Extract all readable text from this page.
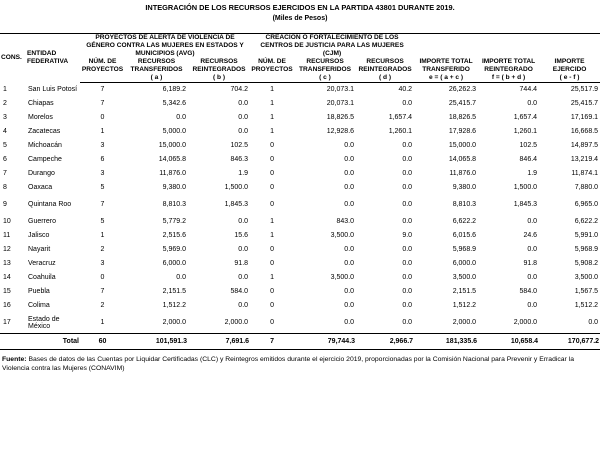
INTEGRACIÓN DE LOS RECURSOS EJERCIDOS EN LA PARTIDA 43801 DURANTE 2019.
(Miles de Pesos)
CONS.	ENTIDAD FEDERATIVA	PROYECTOS DE ALERTA DE VIOLENCIA DE GÉNERO CONTRA LAS MUJERES EN ESTADOS Y MUNICIPIOS (AVG)			CREACIÓN O FORTALECIMIENTO DE LOS CENTROS DE JUSTICIA PARA LAS MUJERES (CJM)			IMPORTE TOTAL TRANSFERIDO	IMPORTE TOTAL REINTEGRADO	IMPORTE EJERCIDO
		NÚM. DE PROYECTOS	RECURSOS TRANSFERIDOS	RECURSOS REINTEGRADOS	NÚM. DE PROYECTOS	RECURSOS TRANSFERIDOS	RECURSOS REINTEGRADOS			
			( a )	( b )		( c )	( d )	e = ( a + c )	f = ( b + d )	( e - f )
1	San Luis Potosí	7	6,189.2	704.2	1	20,073.1	40.2	26,262.3	744.4	25,517.9
2	Chiapas	7	5,342.6	0.0	1	20,073.1	0.0	25,415.7	0.0	25,415.7
3	Morelos	0	0.0	0.0	1	18,826.5	1,657.4	18,826.5	1,657.4	17,169.1
4	Zacatecas	1	5,000.0	0.0	1	12,928.6	1,260.1	17,928.6	1,260.1	16,668.5
5	Michoacán	3	15,000.0	102.5	0	0.0	0.0	15,000.0	102.5	14,897.5
6	Campeche	6	14,065.8	846.3	0	0.0	0.0	14,065.8	846.4	13,219.4
7	Durango	3	11,876.0	1.9	0	0.0	0.0	11,876.0	1.9	11,874.1
8	Oaxaca	5	9,380.0	1,500.0	0	0.0	0.0	9,380.0	1,500.0	7,880.0
9	Quintana Roo	7	8,810.3	1,845.3	0	0.0	0.0	8,810.3	1,845.3	6,965.0
10	Guerrero	5	5,779.2	0.0	1	843.0	0.0	6,622.2	0.0	6,622.2
11	Jalisco	1	2,515.6	15.6	1	3,500.0	9.0	6,015.6	24.6	5,991.0
12	Nayarit	2	5,969.0	0.0	0	0.0	0.0	5,968.9	0.0	5,968.9
13	Veracruz	3	6,000.0	91.8	0	0.0	0.0	6,000.0	91.8	5,908.2
14	Coahuila	0	0.0	0.0	1	3,500.0	0.0	3,500.0	0.0	3,500.0
15	Puebla	7	2,151.5	584.0	0	0.0	0.0	2,151.5	584.0	1,567.5
16	Colima	2	1,512.2	0.0	0	0.0	0.0	1,512.2	0.0	1,512.2
17	Estado de México	1	2,000.0	2,000.0	0	0.0	0.0	2,000.0	2,000.0	0.0
	Total	60	101,591.3	7,691.6	7	79,744.3	2,966.7	181,335.6	10,658.4	170,677.2
Fuente: Bases de datos de las Cuentas por Liquidar Certificadas (CLC) y Reintegros emitidos durante el ejercicio 2019, proporcionadas por la Comisión Nacional para Prevenir y Erradicar la Violencia contra las Mujeres (CONAVIM)
